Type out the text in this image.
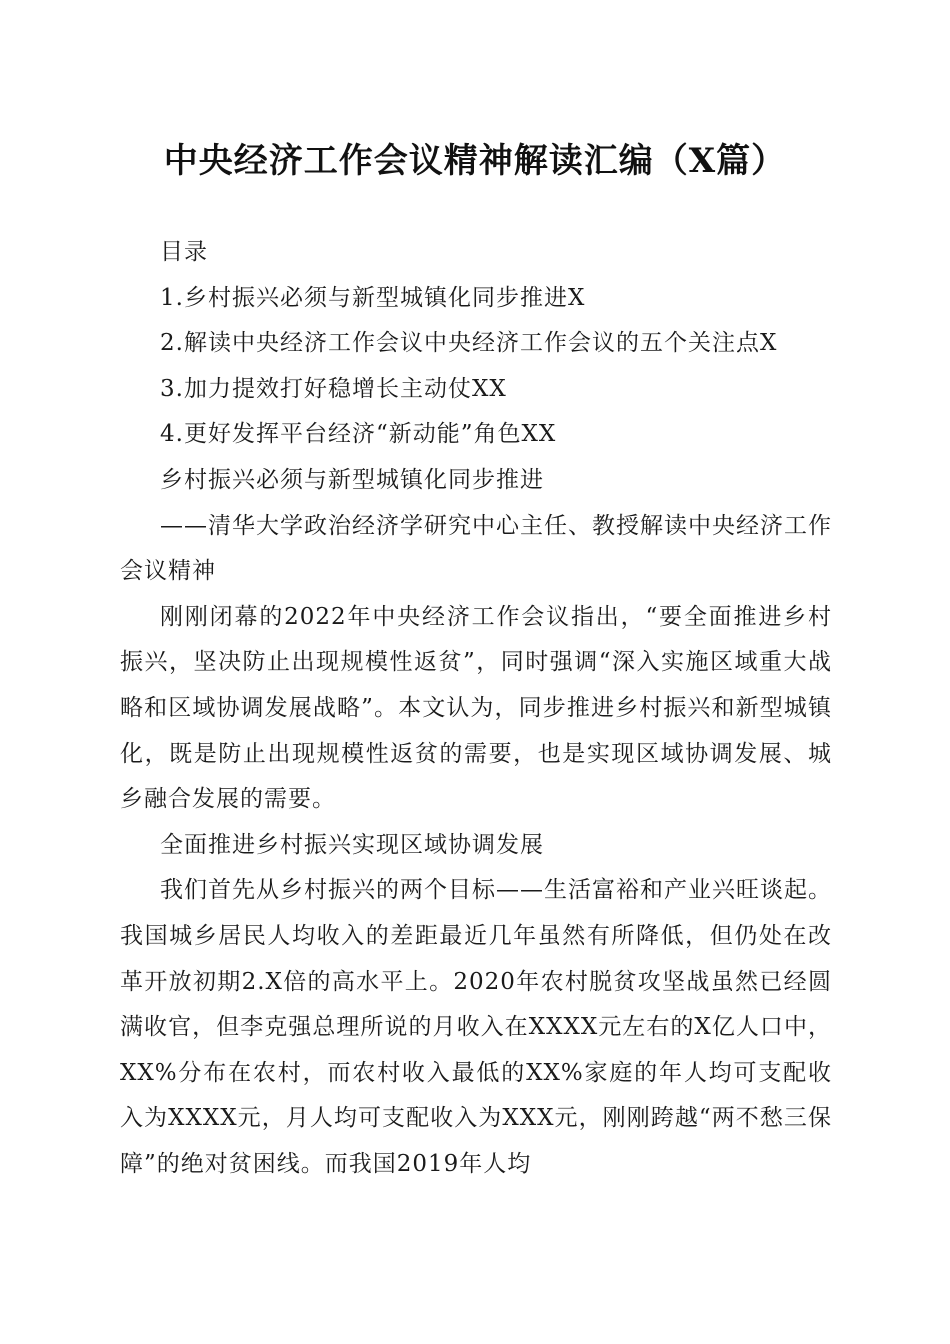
中央经济工作会议精神解读汇编（X篇）

目录

1.乡村振兴必须与新型城镇化同步推进X

2.解读中央经济工作会议中央经济工作会议的五个关注点X

3.加力提效打好稳增长主动仗XX

4.更好发挥平台经济“新动能”角色XX

乡村振兴必须与新型城镇化同步推进

——清华大学政治经济学研究中心主任、教授解读中央经济工作会议精神

刚刚闭幕的2022年中央经济工作会议指出，“要全面推进乡村振兴，坚决防止出现规模性返贫”，同时强调“深入实施区域重大战略和区域协调发展战略”。本文认为，同步推进乡村振兴和新型城镇化，既是防止出现规模性返贫的需要，也是实现区域协调发展、城乡融合发展的需要。

全面推进乡村振兴实现区域协调发展

我们首先从乡村振兴的两个目标——生活富裕和产业兴旺谈起。我国城乡居民人均收入的差距最近几年虽然有所降低，但仍处在改革开放初期2.X倍的高水平上。2020年农村脱贫攻坚战虽然已经圆满收官，但李克强总理所说的月收入在XXXX元左右的X亿人口中，XX%分布在农村，而农村收入最低的XX%家庭的年人均可支配收入为XXXX元，月人均可支配收入为XXX元，刚刚跨越“两不愁三保障”的绝对贫困线。而我国2019年人均
